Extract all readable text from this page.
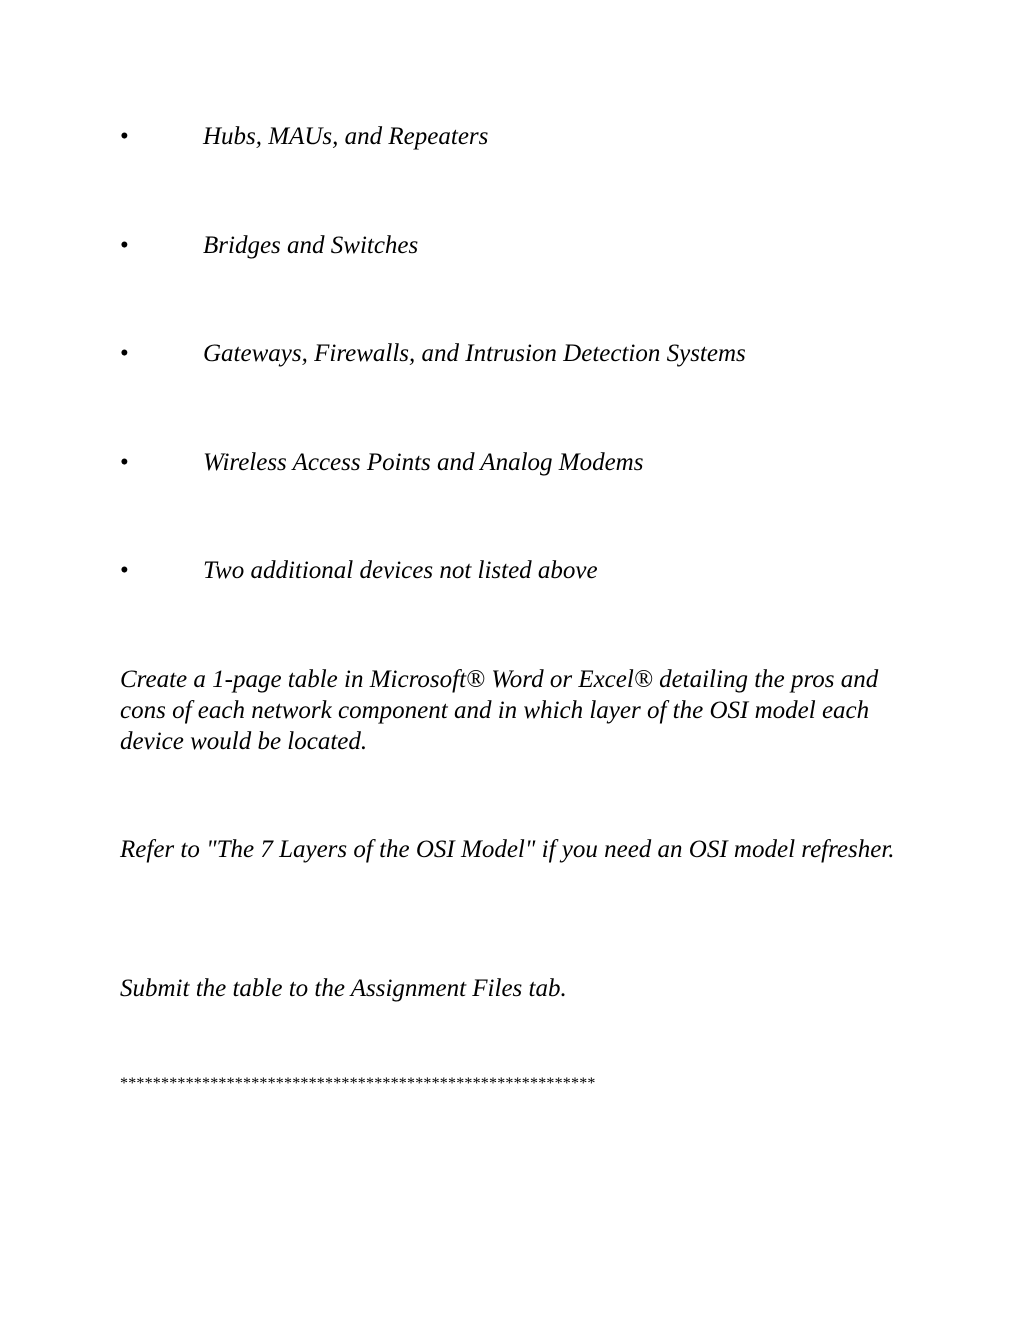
•	Hubs, MAUs, and Repeaters
•	Bridges and Switches
•	Gateways, Firewalls, and Intrusion Detection Systems
•	Wireless Access Points and Analog Modems
•	Two additional devices not listed above

Create a 1-page table in Microsoft® Word or Excel® detailing the pros and cons of each network component and in which layer of the OSI model each device would be located.

Refer to "The 7 Layers of the OSI Model" if you need an OSI model refresher.

Submit the table to the Assignment Files tab.

**********************************************************
